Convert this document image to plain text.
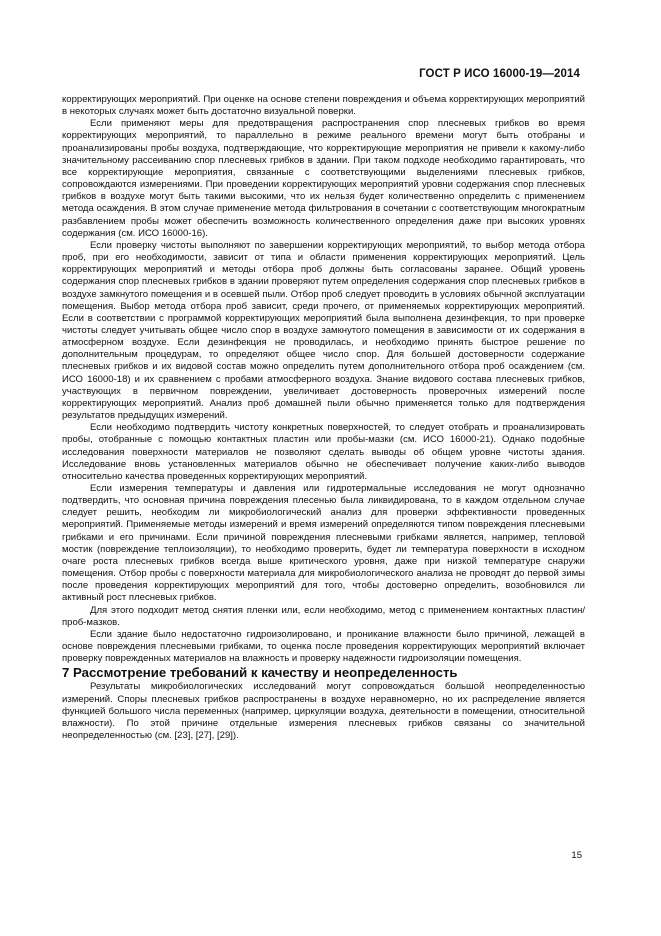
ГОСТ Р ИСО 16000-19—2014

корректирующих мероприятий. При оценке на основе степени повреждения и объема корректирующих мероприятий в некоторых случаях может быть достаточно визуальной поверки.

Если применяют меры для предотвращения распространения спор плесневых грибков во время корректирующих мероприятий, то параллельно в режиме реального времени могут быть отобраны и проанализированы пробы воздуха, подтверждающие, что корректирующие мероприятия не привели к какому-либо значительному рассеиванию спор плесневых грибков в здании. При таком подходе необходимо гарантировать, что все корректирующие мероприятия, связанные с соответствующими выделениями плесневых грибков, сопровождаются измерениями. При проведении корректирующих мероприятий уровни содержания спор плесневых грибков в воздухе могут быть такими высокими, что их нельзя будет количественно определить с применением метода осаждения. В этом случае применение метода фильтрования в сочетании с соответствующим многократным разбавлением пробы может обеспечить возможность количественного определения даже при высоких уровнях содержания (см. ИСО 16000-16).

Если проверку чистоты выполняют по завершении корректирующих мероприятий, то выбор метода отбора проб, при его необходимости, зависит от типа и области применения корректирующих мероприятий. Цель корректирующих мероприятий и методы отбора проб должны быть согласованы заранее. Общий уровень содержания спор плесневых грибков в здании проверяют путем определения содержания спор плесневых грибков в воздухе замкнутого помещения и в осевшей пыли. Отбор проб следует проводить в условиях обычной эксплуатации помещения. Выбор метода отбора проб зависит, среди прочего, от применяемых корректирующих мероприятий. Если в соответствии с программой корректирующих мероприятий была выполнена дезинфекция, то при проверке чистоты следует учитывать общее число спор в воздухе замкнутого помещения в зависимости от их содержания в атмосферном воздухе. Если дезинфекция не проводилась, и необходимо принять быстрое решение по дополнительным процедурам, то определяют общее число спор. Для большей достоверности содержание плесневых грибков и их видовой состав можно определить путем дополнительного отбора проб осаждением (см. ИСО 16000-18) и их сравнением с пробами атмосферного воздуха. Знание видового состава плесневых грибков, участвующих в первичном повреждении, увеличивает достоверность проверочных измерений после корректирующих мероприятий. Анализ проб домашней пыли обычно применяется только для подтверждения результатов предыдущих измерений.

Если необходимо подтвердить чистоту конкретных поверхностей, то следует отобрать и проанализировать пробы, отобранные с помощью контактных пластин или пробы-мазки (см. ИСО 16000-21). Однако подобные исследования поверхности материалов не позволяют сделать выводы об общем уровне чистоты здания. Исследование вновь установленных материалов обычно не обеспечивает получение каких-либо выводов относительно качества проведенных корректирующих мероприятий.

Если измерения температуры и давления или гидротермальные исследования не могут однозначно подтвердить, что основная причина повреждения плесенью была ликвидирована, то в каждом отдельном случае следует решить, необходим ли микробиологический анализ для проверки эффективности проведенных мероприятий. Применяемые методы измерений и время измерений определяются типом повреждения плесневыми грибками и его причинами. Если причиной повреждения плесневыми грибками является, например, тепловой мостик (повреждение теплоизоляции), то необходимо проверить, будет ли температура поверхности в исходном очаге роста плесневых грибков всегда выше критического уровня, даже при низкой температуре снаружи помещения. Отбор пробы с поверхности материала для микробиологического анализа не проводят до первой зимы после проведения корректирующих мероприятий для того, чтобы достоверно определить, возобновился ли активный рост плесневых грибков.

Для этого подходит метод снятия пленки или, если необходимо, метод с применением контактных пластин/проб-мазков.

Если здание было недостаточно гидроизолировано, и проникание влажности было причиной, лежащей в основе повреждения плесневыми грибками, то оценка после проведения корректирующих мероприятий включает проверку поврежденных материалов на влажность и проверку надежности гидроизоляции помещения.

7 Рассмотрение требований к качеству и неопределенность

Результаты микробиологических исследований могут сопровождаться большой неопределенностью измерений. Споры плесневых грибков распространены в воздухе неравномерно, но их распределение является функцией большого числа переменных (например, циркуляции воздуха, деятельности в помещении, относительной влажности). По этой причине отдельные измерения плесневых грибков связаны со значительной неопределенностью (см. [23], [27], [29]).

15
